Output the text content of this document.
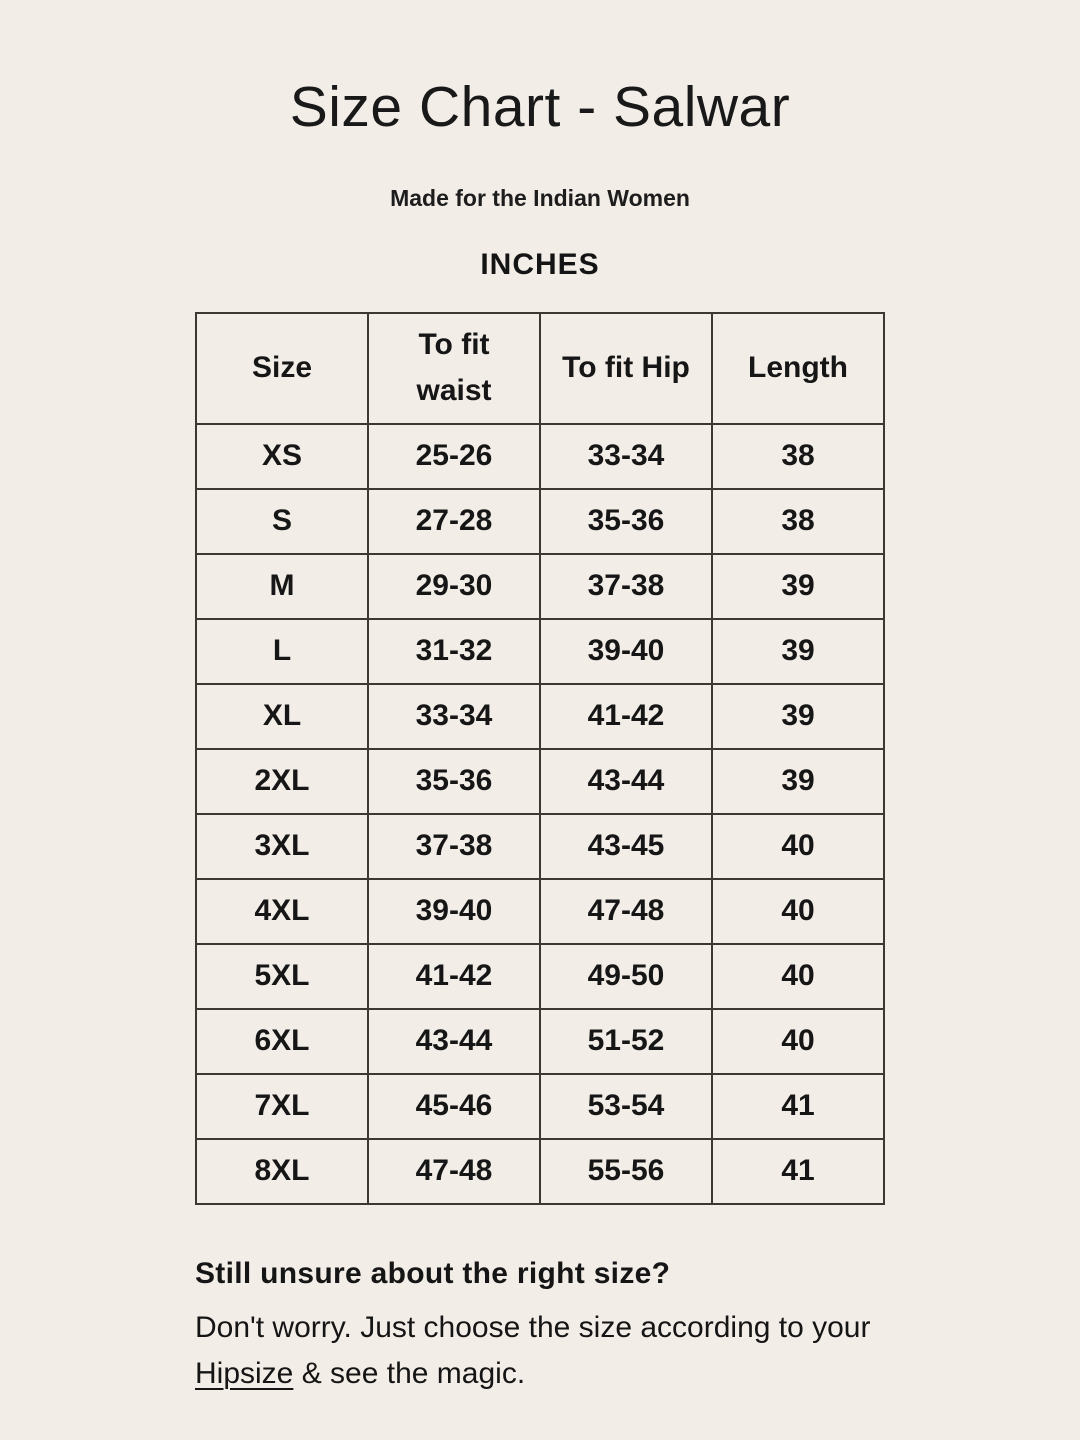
Size Chart - Salwar
Made for the Indian Women
INCHES
Size	To fit waist	To fit Hip	Length
XS	25-26	33-34	38
S	27-28	35-36	38
M	29-30	37-38	39
L	31-32	39-40	39
XL	33-34	41-42	39
2XL	35-36	43-44	39
3XL	37-38	43-45	40
4XL	39-40	47-48	40
5XL	41-42	49-50	40
6XL	43-44	51-52	40
7XL	45-46	53-54	41
8XL	47-48	55-56	41
Still unsure about the right size?
Don't worry. Just choose the size according to your
Hipsize & see the magic.
